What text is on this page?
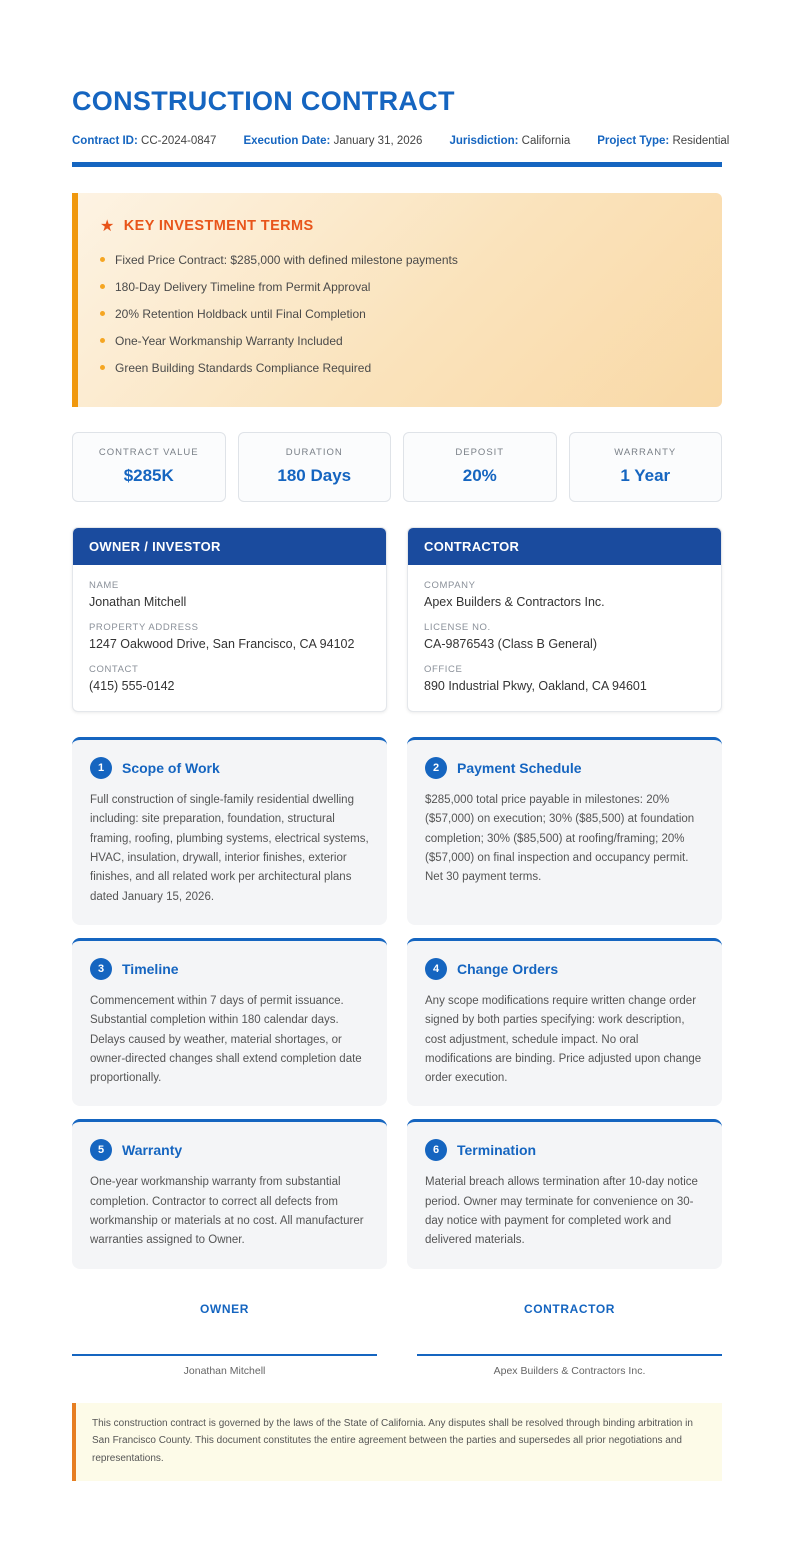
CONSTRUCTION CONTRACT
Contract ID: CC-2024-0847 Execution Date: January 31, 2026 Jurisdiction: California Project Type: Residential
★ KEY INVESTMENT TERMS
Fixed Price Contract: $285,000 with defined milestone payments
180-Day Delivery Timeline from Permit Approval
20% Retention Holdback until Final Completion
One-Year Workmanship Warranty Included
Green Building Standards Compliance Required
CONTRACT VALUE
$285K
DURATION
180 Days
DEPOSIT
20%
WARRANTY
1 Year
OWNER / INVESTOR
NAME
Jonathan Mitchell
PROPERTY ADDRESS
1247 Oakwood Drive, San Francisco, CA 94102
CONTACT
(415) 555-0142
CONTRACTOR
COMPANY
Apex Builders & Contractors Inc.
LICENSE NO.
CA-9876543 (Class B General)
OFFICE
890 Industrial Pkwy, Oakland, CA 94601
1	Scope of Work
Full construction of single-family residential dwelling including: site preparation, foundation, structural framing, roofing, plumbing systems, electrical systems, HVAC, insulation, drywall, interior finishes, exterior finishes, and all related work per architectural plans dated January 15, 2026.
2	Payment Schedule
$285,000 total price payable in milestones: 20% ($57,000) on execution; 30% ($85,500) at foundation completion; 30% ($85,500) at roofing/framing; 20% ($57,000) on final inspection and occupancy permit. Net 30 payment terms.
3	Timeline
Commencement within 7 days of permit issuance. Substantial completion within 180 calendar days. Delays caused by weather, material shortages, or owner-directed changes shall extend completion date proportionally.
4	Change Orders
Any scope modifications require written change order signed by both parties specifying: work description, cost adjustment, schedule impact. No oral modifications are binding. Price adjusted upon change order execution.
5	Warranty
One-year workmanship warranty from substantial completion. Contractor to correct all defects from workmanship or materials at no cost. All manufacturer warranties assigned to Owner.
6	Termination
Material breach allows termination after 10-day notice period. Owner may terminate for convenience on 30-day notice with payment for completed work and delivered materials.
OWNER
Jonathan Mitchell
CONTRACTOR
Apex Builders & Contractors Inc.
This construction contract is governed by the laws of the State of California. Any disputes shall be resolved through binding arbitration in San Francisco County. This document constitutes the entire agreement between the parties and supersedes all prior negotiations and representations.
